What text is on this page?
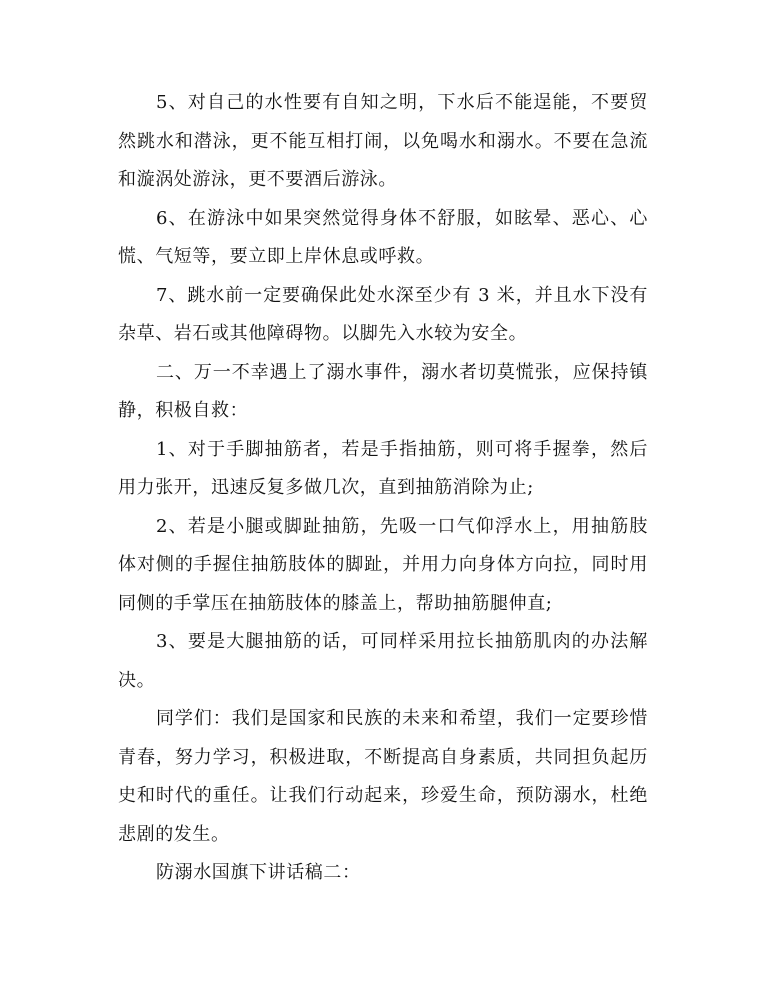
5、对自己的水性要有自知之明，下水后不能逞能，不要贸然跳水和潜泳，更不能互相打闹，以免喝水和溺水。不要在急流和漩涡处游泳，更不要酒后游泳。

6、在游泳中如果突然觉得身体不舒服，如眩晕、恶心、心慌、气短等，要立即上岸休息或呼救。

7、跳水前一定要确保此处水深至少有 3 米，并且水下没有杂草、岩石或其他障碍物。以脚先入水较为安全。

二、万一不幸遇上了溺水事件，溺水者切莫慌张，应保持镇静，积极自救：

1、对于手脚抽筋者，若是手指抽筋，则可将手握拳，然后用力张开，迅速反复多做几次，直到抽筋消除为止;

2、若是小腿或脚趾抽筋，先吸一口气仰浮水上，用抽筋肢体对侧的手握住抽筋肢体的脚趾，并用力向身体方向拉，同时用同侧的手掌压在抽筋肢体的膝盖上，帮助抽筋腿伸直;

3、要是大腿抽筋的话，可同样采用拉长抽筋肌肉的办法解决。

同学们：我们是国家和民族的未来和希望，我们一定要珍惜青春，努力学习，积极进取，不断提高自身素质，共同担负起历史和时代的重任。让我们行动起来，珍爱生命，预防溺水，杜绝悲剧的发生。

防溺水国旗下讲话稿二：
